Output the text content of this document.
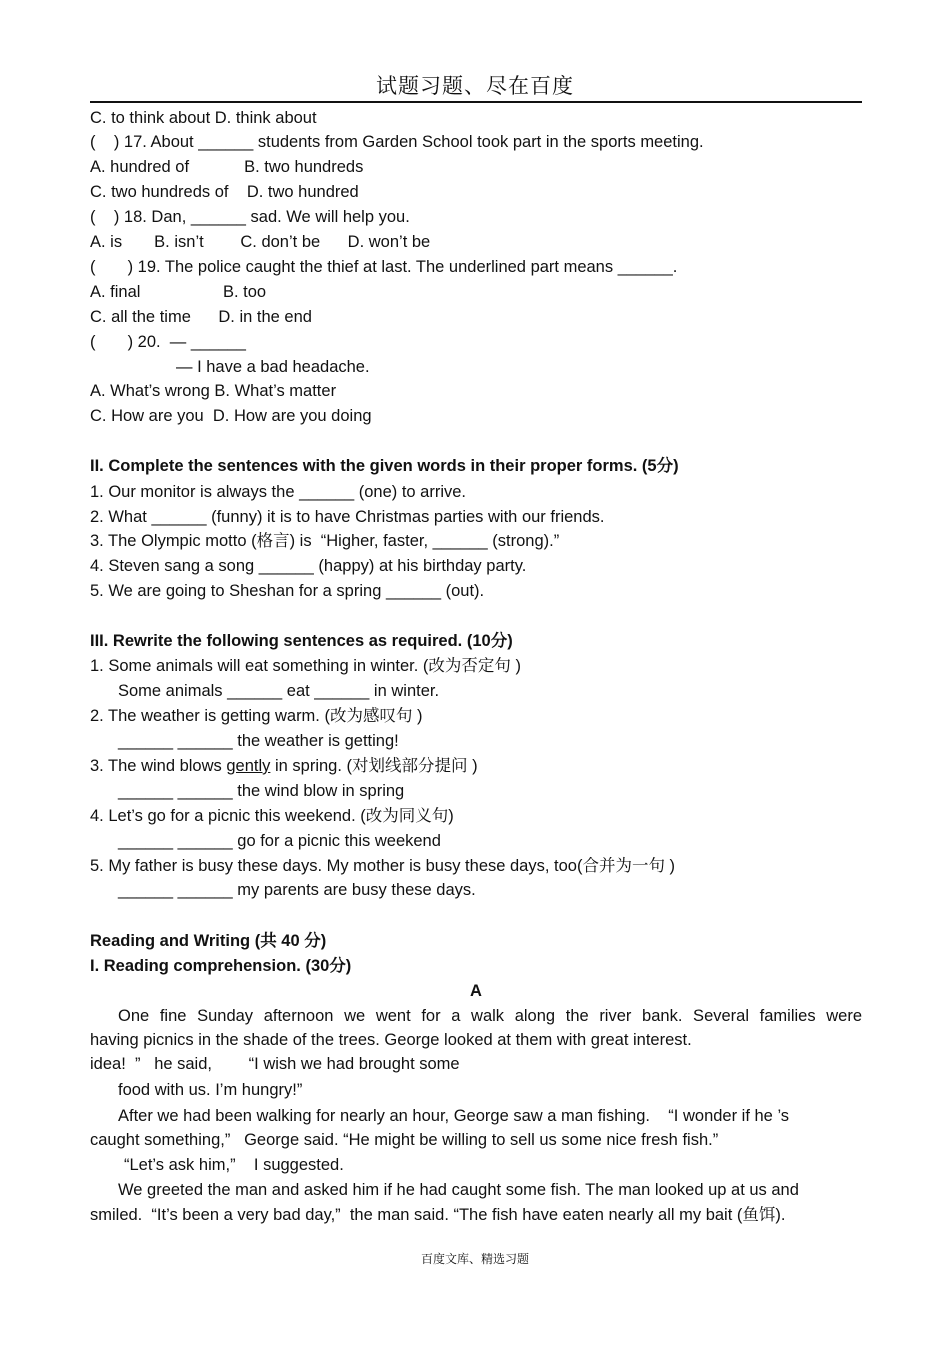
试题习题、尽在百度
C. to think about D. think about
(    ) 17. About ______ students from Garden School took part in the sports meeting.
A. hundred of            B. two hundreds
C. two hundreds of    D. two hundred
(    ) 18. Dan, ______ sad. We will help you.
A. is       B. isn’t        C. don’t be      D. won’t be
(       ) 19. The police caught the thief at last. The underlined part means ______.
A. final                  B. too
C. all the time      D. in the end
(       ) 20.  — ______
— I have a bad headache.
A. What’s wrong B. What’s matter
C. How are you  D. How are you doing
II. Complete the sentences with the given words in their proper forms. (5分)
1. Our monitor is always the ______ (one) to arrive.
2. What ______ (funny) it is to have Christmas parties with our friends.
3. The Olympic motto (格言) is  “Higher, faster, ______ (strong).”
4. Steven sang a song ______ (happy) at his birthday party.
5. We are going to Sheshan for a spring ______ (out).
III. Rewrite the following sentences as required. (10分)
1. Some animals will eat something in winter. (改为否定句 )
Some animals ______ eat ______ in winter.
2. The weather is getting warm. (改为感叹句 )
______ ______ the weather is getting!
3. The wind blows gently in spring. (对划线部分提问 )
______ ______ the wind blow in spring
4. Let’s go for a picnic this weekend. (改为同义句)
______ ______ go for a picnic this weekend
5. My father is busy these days. My mother is busy these days, too(合并为一句 )
______ ______ my parents are busy these days.
Reading and Writing (共 40 分)
I. Reading comprehension. (30分)
A
One fine Sunday afternoon we went for a walk along the river bank. Several families were
having picnics in the shade of the trees. George looked at them with great interest.
idea!  ”   he said,        “I wish we had brought some
food with us. I’m hungry!”
After we had been walking for nearly an hour, George saw a man fishing.    “I wonder if he ’s
caught something,”   George said. “He might be willing to sell us some nice fresh fish.”
“Let’s ask him,”    I suggested.
We greeted the man and asked him if he had caught some fish. The man looked up at us and
smiled.  “It’s been a very bad day,”  the man said. “The fish have eaten nearly all my bait (鱼饵).
百度文库、精选习题
